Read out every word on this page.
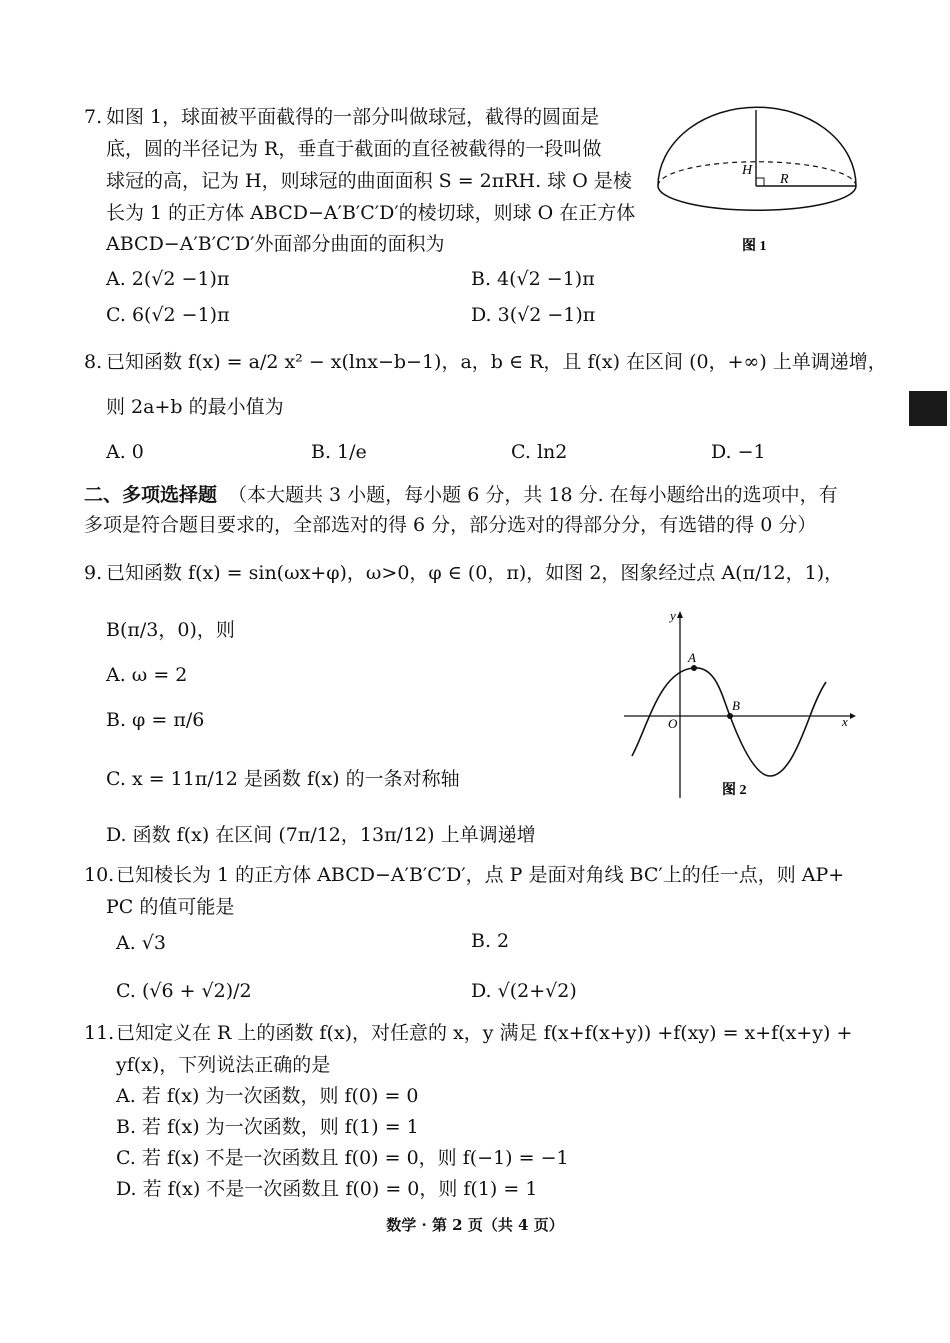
7. 如图 1，球面被平面截得的一部分叫做球冠，截得的圆面是
底，圆的半径记为 R，垂直于截面的直径被截得的一段叫做
球冠的高，记为 H，则球冠的曲面面积 S = 2πRH. 球 O 是棱
长为 1 的正方体 ABCD−A′B′C′D′的棱切球，则球 O 在正方体
ABCD−A′B′C′D′外面部分曲面的面积为
A. 2(√2 −1)π	B. 4(√2 −1)π
C. 6(√2 −1)π	D. 3(√2 −1)π
H
R
图 1
8. 已知函数 f(x) = a/2 x² − x(lnx−b−1)，a，b ∈ R，且 f(x) 在区间 (0，+∞) 上单调递增，
则 2a+b 的最小值为
A. 0	B. 1/e	C. ln2	D. −1
二、多项选择题 （本大题共 3 小题，每小题 6 分，共 18 分. 在每小题给出的选项中，有
多项是符合题目要求的，全部选对的得 6 分，部分选对的得部分分，有选错的得 0 分）
9. 已知函数 f(x) = sin(ωx+φ)，ω>0，φ ∈ (0，π)，如图 2，图象经过点 A(π/12，1)，
B(π/3，0)，则
A. ω = 2
B. φ = π/6
C. x = 11π/12 是函数 f(x) 的一条对称轴
D. 函数 f(x) 在区间 (7π/12，13π/12) 上单调递增
y
x
O
A
B
图 2
10. 已知棱长为 1 的正方体 ABCD−A′B′C′D′，点 P 是面对角线 BC′上的任一点，则 AP+
PC 的值可能是
A. √3	B. 2
C. (√6 + √2)/2	D. √(2+√2)
11. 已知定义在 R 上的函数 f(x)，对任意的 x，y 满足 f(x+f(x+y)) +f(xy) = x+f(x+y) +
yf(x)，下列说法正确的是
A. 若 f(x) 为一次函数，则 f(0) = 0
B. 若 f(x) 为一次函数，则 f(1) = 1
C. 若 f(x) 不是一次函数且 f(0) = 0，则 f(−1) = −1
D. 若 f(x) 不是一次函数且 f(0) = 0，则 f(1) = 1
数学 · 第 2 页（共 4 页）
